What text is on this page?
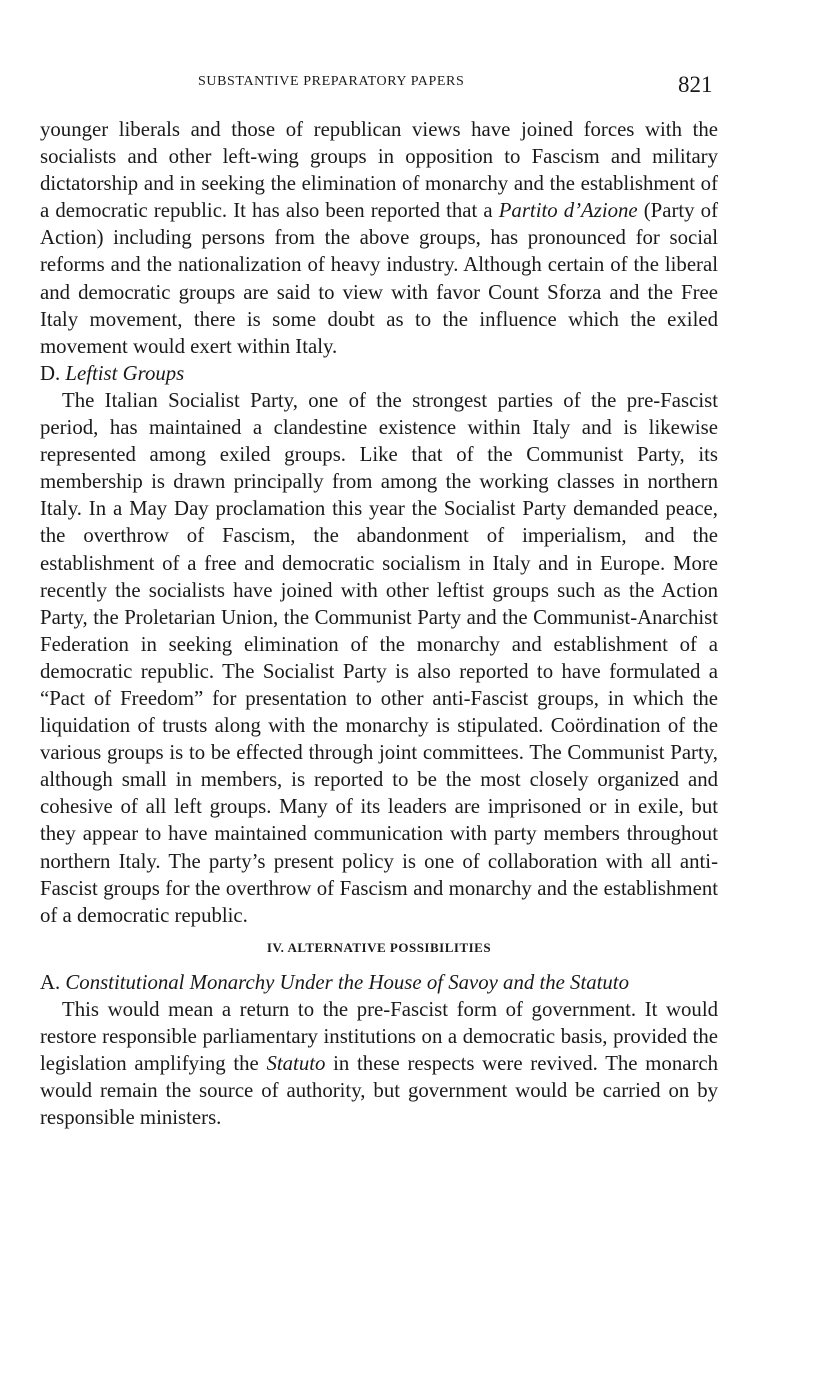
SUBSTANTIVE PREPARATORY PAPERS	821

younger liberals and those of republican views have joined forces with the socialists and other left-wing groups in opposition to Fascism and military dictatorship and in seeking the elimination of monarchy and the establishment of a democratic republic. It has also been reported that a Partito d’Azione (Party of Action) including persons from the above groups, has pronounced for social reforms and the nationalization of heavy industry. Although certain of the liberal and democratic groups are said to view with favor Count Sforza and the Free Italy movement, there is some doubt as to the influence which the exiled movement would exert within Italy.

D. Leftist Groups

The Italian Socialist Party, one of the strongest parties of the pre-Fascist period, has maintained a clandestine existence within Italy and is likewise represented among exiled groups. Like that of the Communist Party, its membership is drawn principally from among the working classes in northern Italy. In a May Day proclamation this year the Socialist Party demanded peace, the overthrow of Fascism, the abandonment of imperialism, and the establishment of a free and democratic socialism in Italy and in Europe. More recently the socialists have joined with other leftist groups such as the Action Party, the Proletarian Union, the Communist Party and the Communist-Anarchist Federation in seeking elimination of the monarchy and establishment of a democratic republic. The Socialist Party is also reported to have formulated a “Pact of Freedom” for presentation to other anti-Fascist groups, in which the liquidation of trusts along with the monarchy is stipulated. Coördination of the various groups is to be effected through joint committees. The Communist Party, although small in members, is reported to be the most closely organized and cohesive of all left groups. Many of its leaders are imprisoned or in exile, but they appear to have maintained communication with party members throughout northern Italy. The party’s present policy is one of collaboration with all anti-Fascist groups for the overthrow of Fascism and monarchy and the establishment of a democratic republic.

IV. ALTERNATIVE POSSIBILITIES
A. Constitutional Monarchy Under the House of Savoy and the Statuto

This would mean a return to the pre-Fascist form of government. It would restore responsible parliamentary institutions on a democratic basis, provided the legislation amplifying the Statuto in these respects were revived. The monarch would remain the source of authority, but government would be carried on by responsible ministers.
